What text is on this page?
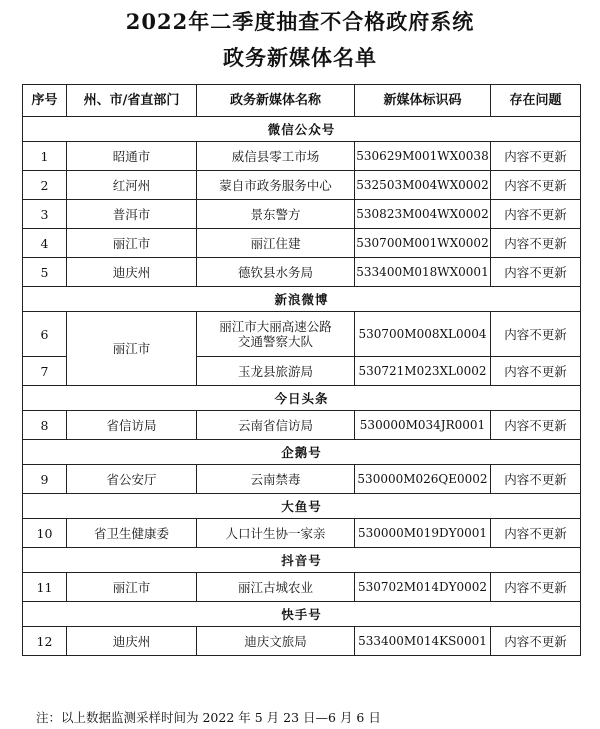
2022年二季度抽查不合格政府系统
政务新媒体名单
序号	州、市/省直部门	政务新媒体名称	新媒体标识码	存在问题
微信公众号				
1	昭通市	威信县零工市场	530629M001WX0038	内容不更新
2	红河州	蒙自市政务服务中心	532503M004WX0002	内容不更新
3	普洱市	景东警方	530823M004WX0002	内容不更新
4	丽江市	丽江住建	530700M001WX0002	内容不更新
5	迪庆州	德钦县水务局	533400M018WX0001	内容不更新
新浪微博				
6	丽江市	丽江市大丽高速公路
交通警察大队	530700M008XL0004	内容不更新
7		玉龙县旅游局	530721M023XL0002	内容不更新
今日头条				
8	省信访局	云南省信访局	530000M034JR0001	内容不更新
企鹅号				
9	省公安厅	云南禁毒	530000M026QE0002	内容不更新
大鱼号				
10	省卫生健康委	人口计生协一家亲	530000M019DY0001	内容不更新
抖音号				
11	丽江市	丽江古城农业	530702M014DY0002	内容不更新
快手号				
12	迪庆州	迪庆文旅局	533400M014KS0001	内容不更新
注：以上数据监测采样时间为 2022 年 5 月 23 日—6 月 6 日
